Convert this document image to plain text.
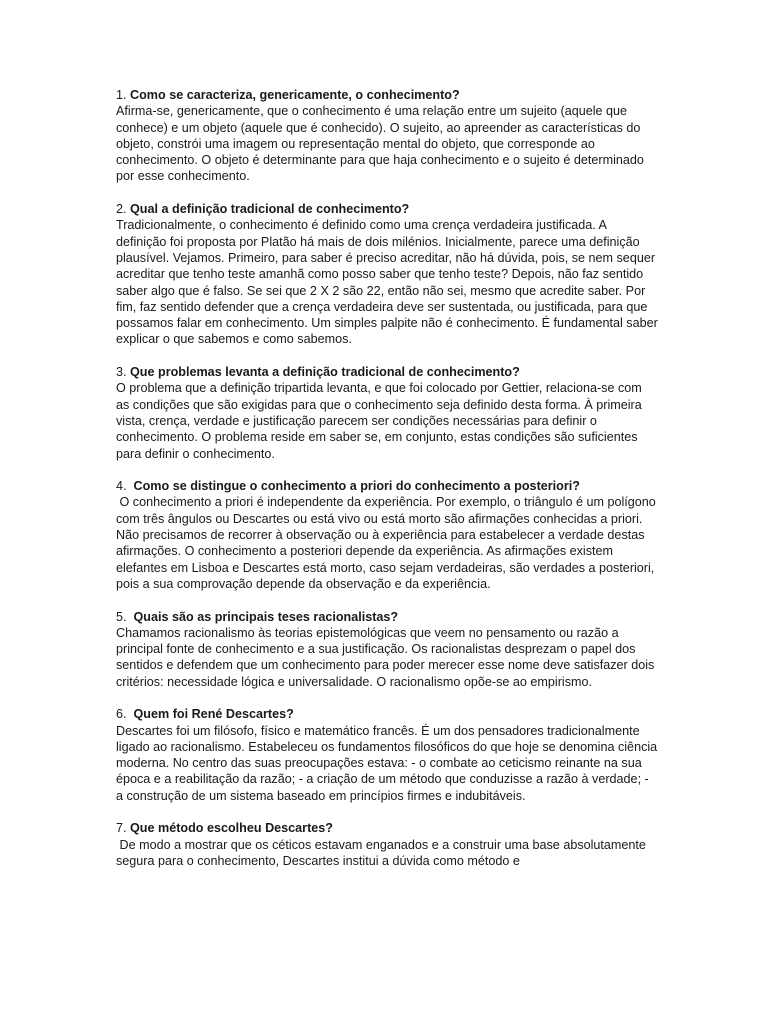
1. Como se caracteriza, genericamente, o conhecimento?

Afirma-se, genericamente, que o conhecimento é uma relação entre um sujeito (aquele que conhece) e um objeto (aquele que é conhecido). O sujeito, ao apreender as características do objeto, constrói uma imagem ou representação mental do objeto, que corresponde ao conhecimento. O objeto é determinante para que haja conhecimento e o sujeito é determinado por esse conhecimento.

2. Qual a definição tradicional de conhecimento?

Tradicionalmente, o conhecimento é definido como uma crença verdadeira justificada. A definição foi proposta por Platão há mais de dois milénios. Inicialmente, parece uma definição plausível. Vejamos. Primeiro, para saber é preciso acreditar, não há dúvida, pois, se nem sequer acreditar que tenho teste amanhã como posso saber que tenho teste? Depois, não faz sentido saber algo que é falso. Se sei que 2 X 2 são 22, então não sei, mesmo que acredite saber. Por fim, faz sentido defender que a crença verdadeira deve ser sustentada, ou justificada, para que possamos falar em conhecimento. Um simples palpite não é conhecimento. É fundamental saber explicar o que sabemos e como sabemos.

3. Que problemas levanta a definição tradicional de conhecimento?

O problema que a definição tripartida levanta, e que foi colocado por Gettier, relaciona-se com as condições que são exigidas para que o conhecimento seja definido desta forma. À primeira vista, crença, verdade e justificação parecem ser condições necessárias para definir o conhecimento. O problema reside em saber se, em conjunto, estas condições são suficientes para definir o conhecimento.

4.  Como se distingue o conhecimento a priori do conhecimento a posteriori?

O conhecimento a priori é independente da experiência. Por exemplo, o triângulo é um polígono com três ângulos ou Descartes ou está vivo ou está morto são afirmações conhecidas a priori. Não precisamos de recorrer à observação ou à experiência para estabelecer a verdade destas afirmações. O conhecimento a posteriori depende da experiência. As afirmações existem elefantes em Lisboa e Descartes está morto, caso sejam verdadeiras, são verdades a posteriori, pois a sua comprovação depende da observação e da experiência.

5.  Quais são as principais teses racionalistas?

Chamamos racionalismo às teorias epistemológicas que veem no pensamento ou razão a principal fonte de conhecimento e a sua justificação. Os racionalistas desprezam o papel dos sentidos e defendem que um conhecimento para poder merecer esse nome deve satisfazer dois critérios: necessidade lógica e universalidade. O racionalismo opõe-se ao empirismo.

6.  Quem foi René Descartes?

Descartes foi um filósofo, físico e matemático francês. É um dos pensadores tradicionalmente ligado ao racionalismo. Estabeleceu os fundamentos filosóficos do que hoje se denomina ciência moderna. No centro das suas preocupações estava: - o combate ao ceticismo reinante na sua época e a reabilitação da razão; - a criação de um método que conduzisse a razão à verdade; - a construção de um sistema baseado em princípios firmes e indubitáveis.

7. Que método escolheu Descartes?

De modo a mostrar que os céticos estavam enganados e a construir uma base absolutamente segura para o conhecimento, Descartes institui a dúvida como método e
